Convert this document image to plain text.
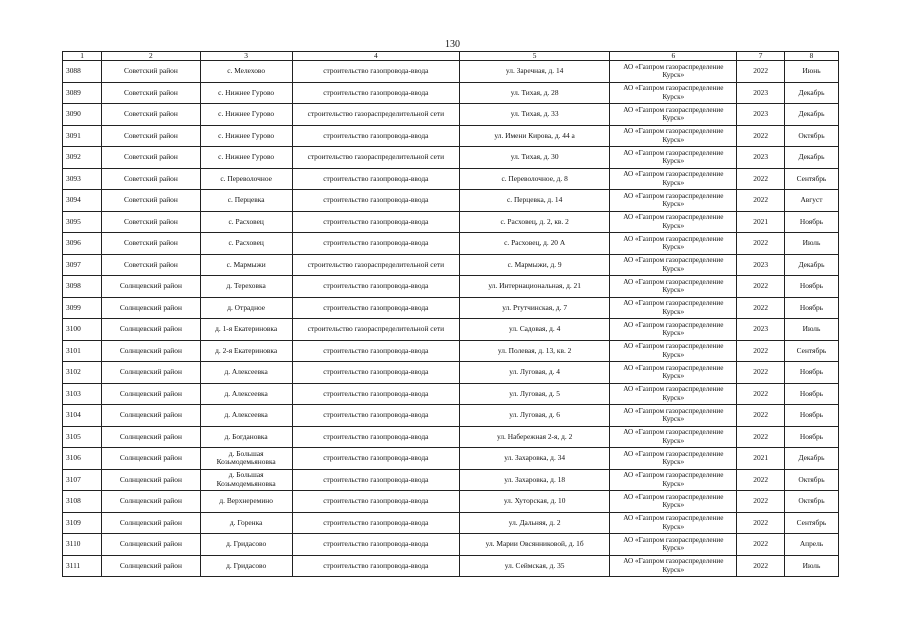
130
1	2	3	4	5	6	7	8
3088	Советский район	с. Мелехово	строительство газопровода-ввода	ул. Заречная, д. 14	АО «Газпром газораспределение Курск»	2022	Июнь
3089	Советский район	с. Нижнее Гурово	строительство газопровода-ввода	ул. Тихая, д. 28	АО «Газпром газораспределение Курск»	2023	Декабрь
3090	Советский район	с. Нижнее Гурово	строительство газораспределительной сети	ул. Тихая, д. 33	АО «Газпром газораспределение Курск»	2023	Декабрь
3091	Советский район	с. Нижнее Гурово	строительство газопровода-ввода	ул. Имени Кирова, д. 44 а	АО «Газпром газораспределение Курск»	2022	Октябрь
3092	Советский район	с. Нижнее Гурово	строительство газораспределительной сети	ул. Тихая, д. 30	АО «Газпром газораспределение Курск»	2023	Декабрь
3093	Советский район	с. Переволочное	строительство газопровода-ввода	с. Переволочное, д. 8	АО «Газпром газораспределение Курск»	2022	Сентябрь
3094	Советский район	с. Перцевка	строительство газопровода-ввода	с. Перцевка, д. 14	АО «Газпром газораспределение Курск»	2022	Август
3095	Советский район	с. Расховец	строительство газопровода-ввода	с. Расховец, д. 2, кв. 2	АО «Газпром газораспределение Курск»	2021	Ноябрь
3096	Советский район	с. Расховец	строительство газопровода-ввода	с. Расховец, д. 20 А	АО «Газпром газораспределение Курск»	2022	Июль
3097	Советский район	с. Мармыжи	строительство газораспределительной сети	с. Мармыжи, д. 9	АО «Газпром газораспределение Курск»	2023	Декабрь
3098	Солнцевский район	д. Тереховка	строительство газопровода-ввода	ул. Интернациональная, д. 21	АО «Газпром газораспределение Курск»	2022	Ноябрь
3099	Солнцевский район	д. Отрадное	строительство газопровода-ввода	ул. Ртутчинская, д. 7	АО «Газпром газораспределение Курск»	2022	Ноябрь
3100	Солнцевский район	д. 1-я Екатериновка	строительство газораспределительной сети	ул. Садовая, д. 4	АО «Газпром газораспределение Курск»	2023	Июль
3101	Солнцевский район	д. 2-я Екатериновка	строительство газопровода-ввода	ул. Полевая, д. 13, кв. 2	АО «Газпром газораспределение Курск»	2022	Сентябрь
3102	Солнцевский район	д. Алексеевка	строительство газопровода-ввода	ул. Луговая, д. 4	АО «Газпром газораспределение Курск»	2022	Ноябрь
3103	Солнцевский район	д. Алексеевка	строительство газопровода-ввода	ул. Луговая, д. 5	АО «Газпром газораспределение Курск»	2022	Ноябрь
3104	Солнцевский район	д. Алексеевка	строительство газопровода-ввода	ул. Луговая, д. 6	АО «Газпром газораспределение Курск»	2022	Ноябрь
3105	Солнцевский район	д. Богдановка	строительство газопровода-ввода	ул. Набережная 2-я, д. 2	АО «Газпром газораспределение Курск»	2022	Ноябрь
3106	Солнцевский район	д. Большая Козьмодемьяновка	строительство газопровода-ввода	ул. Захаровка, д. 34	АО «Газпром газораспределение Курск»	2021	Декабрь
3107	Солнцевский район	д. Большая Козьмодемьяновка	строительство газопровода-ввода	ул. Захаровка, д. 18	АО «Газпром газораспределение Курск»	2022	Октябрь
3108	Солнцевский район	д. Верхнеремино	строительство газопровода-ввода	ул. Хуторская, д. 10	АО «Газпром газораспределение Курск»	2022	Октябрь
3109	Солнцевский район	д. Горенка	строительство газопровода-ввода	ул. Дальняя, д. 2	АО «Газпром газораспределение Курск»	2022	Сентябрь
3110	Солнцевский район	д. Гридасово	строительство газопровода-ввода	ул. Марии Овсянниковой, д. 1б	АО «Газпром газораспределение Курск»	2022	Апрель
3111	Солнцевский район	д. Гридасово	строительство газопровода-ввода	ул. Сеймская, д. 35	АО «Газпром газораспределение Курск»	2022	Июль
